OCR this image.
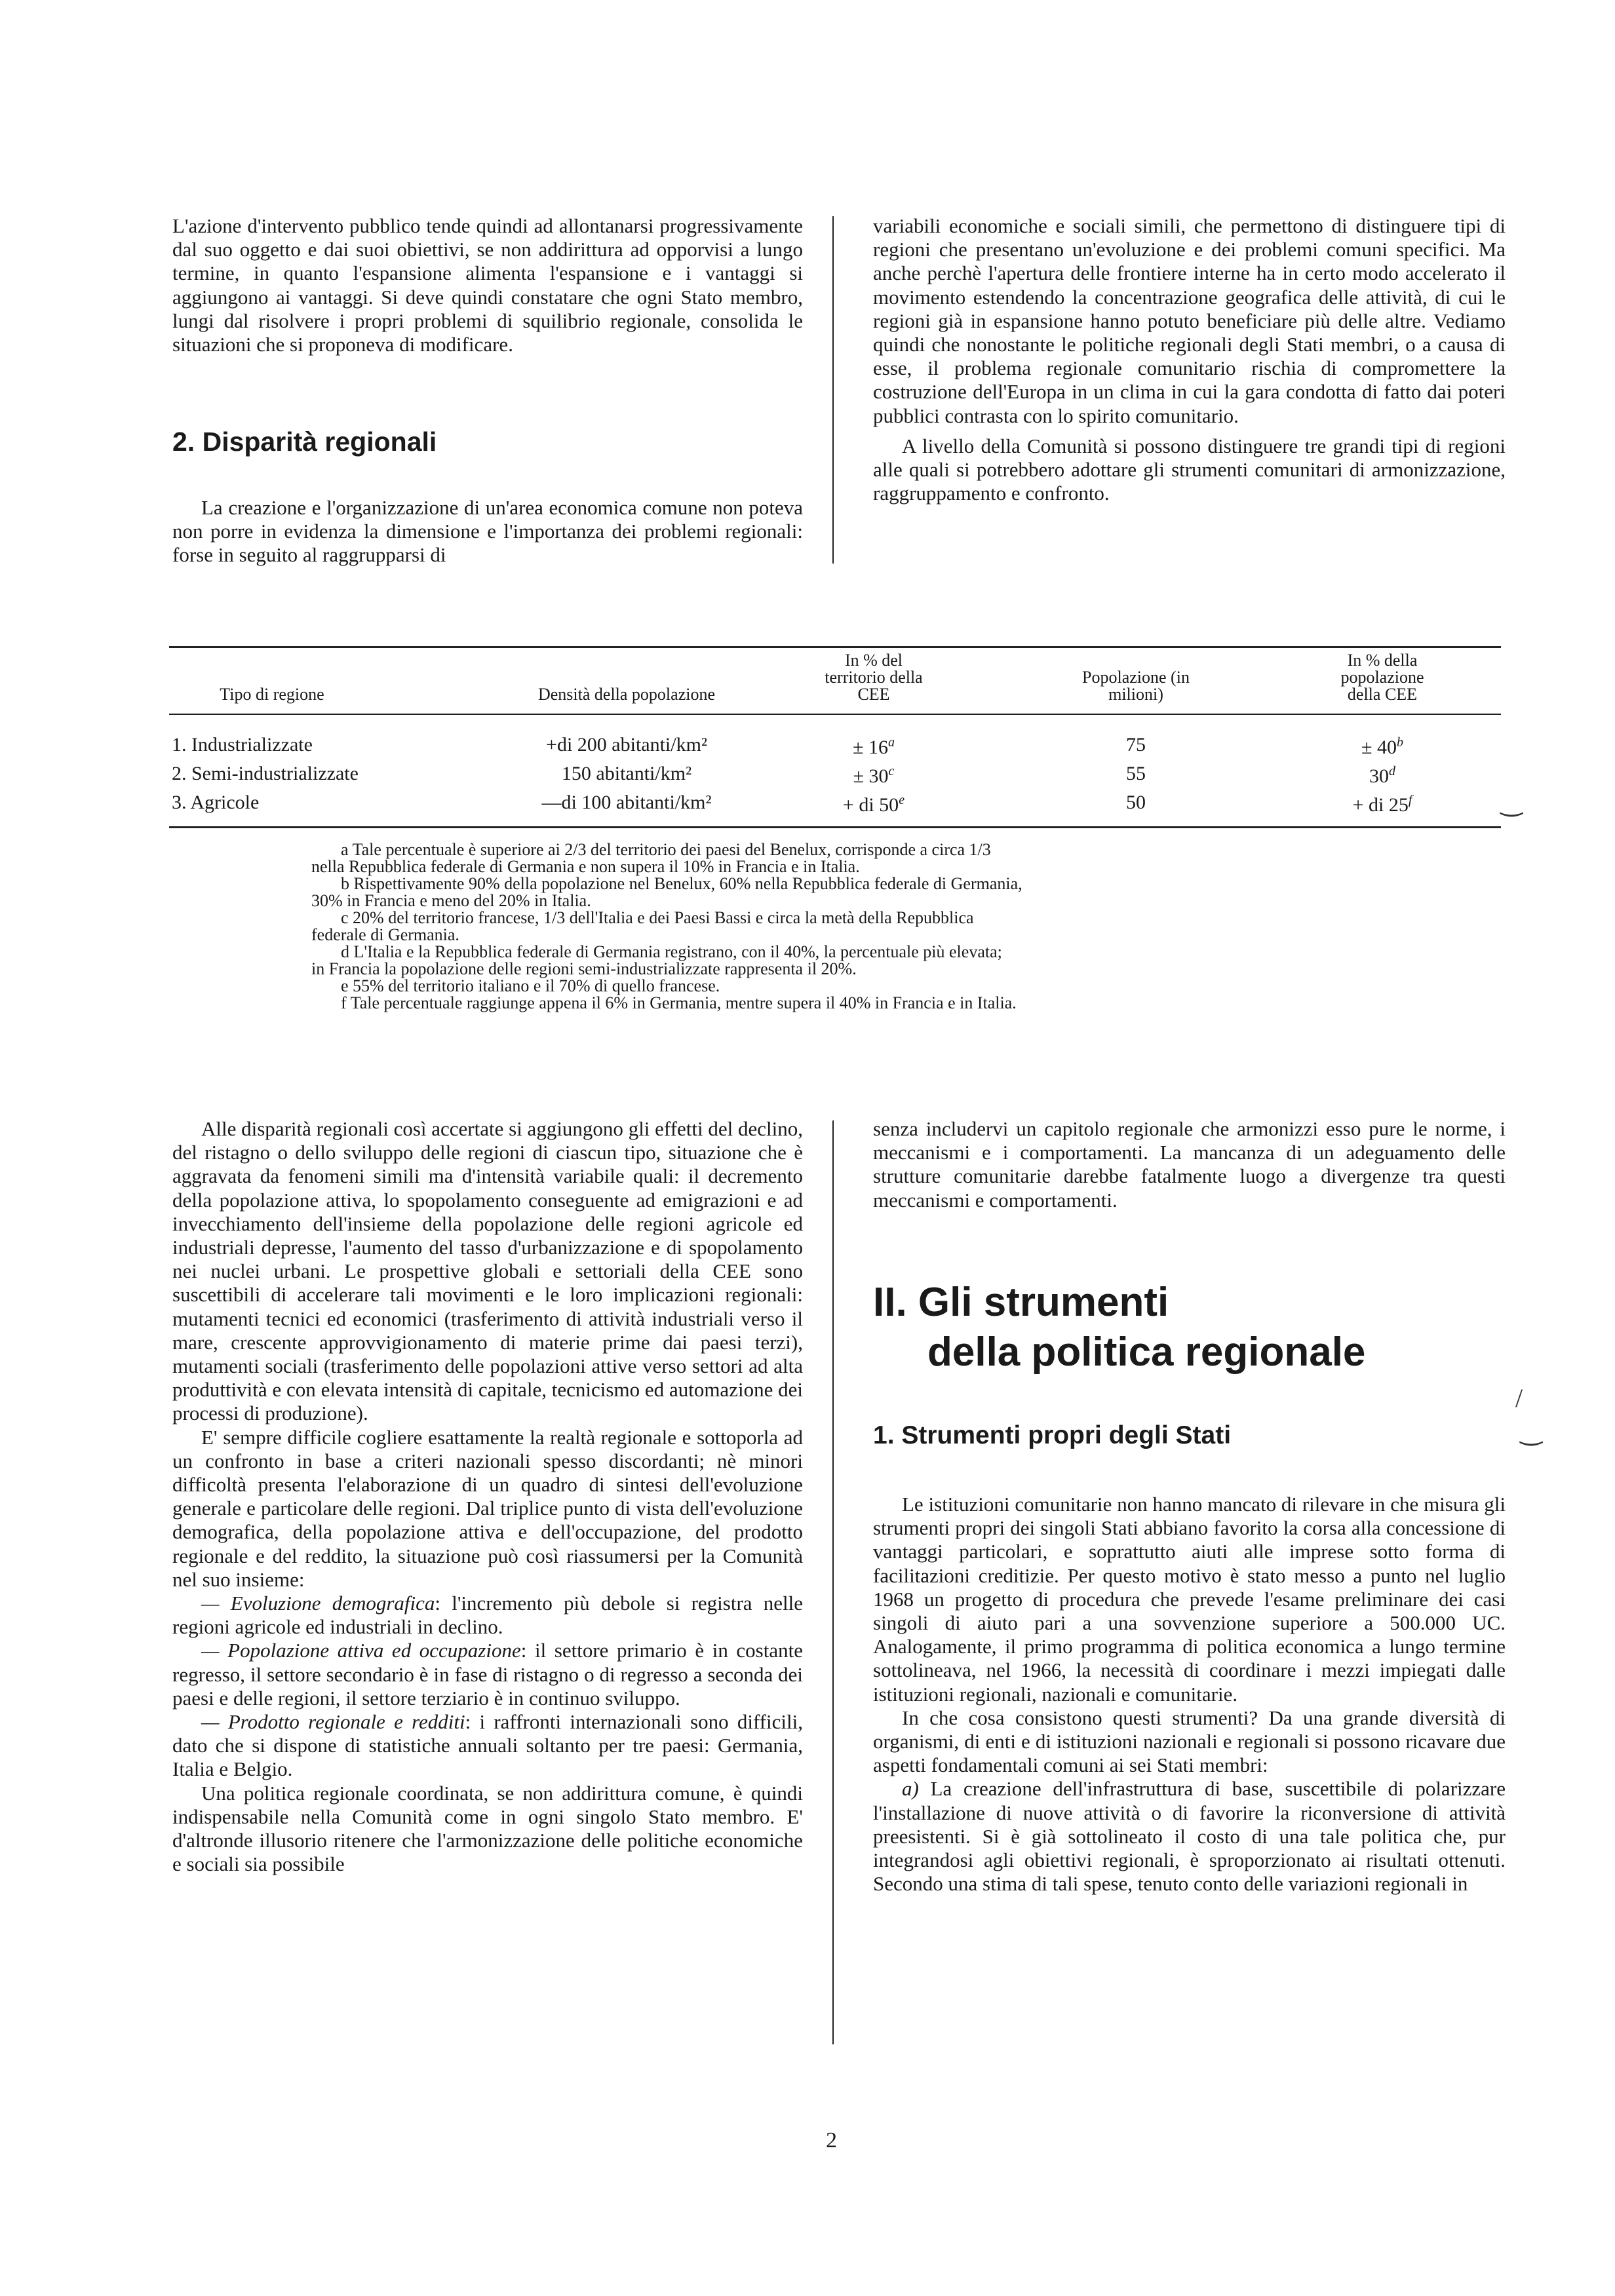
L'azione d'intervento pubblico tende quindi ad allontanarsi progressivamente dal suo oggetto e dai suoi obiettivi, se non addirittura ad opporvisi a lungo termine, in quanto l'espansione alimenta l'espansione e i vantaggi si aggiungono ai vantaggi. Si deve quindi constatare che ogni Stato membro, lungi dal risolvere i propri problemi di squilibrio regionale, consolida le situazioni che si proponeva di modificare.

2. Disparità regionali

La creazione e l'organizzazione di un'area economica comune non poteva non porre in evidenza la dimensione e l'importanza dei problemi regionali: forse in seguito al raggrupparsi di

variabili economiche e sociali simili, che permettono di distinguere tipi di regioni che presentano un'evoluzione e dei problemi comuni specifici. Ma anche perchè l'apertura delle frontiere interne ha in certo modo accelerato il movimento estendendo la concentrazione geografica delle attività, di cui le regioni già in espansione hanno potuto beneficiare più delle altre. Vediamo quindi che nonostante le politiche regionali degli Stati membri, o a causa di esse, il problema regionale comunitario rischia di compromettere la costruzione dell'Europa in un clima in cui la gara condotta di fatto dai poteri pubblici contrasta con lo spirito comunitario.

A livello della Comunità si possono distinguere tre grandi tipi di regioni alle quali si potrebbero adottare gli strumenti comunitari di armonizzazione, raggruppamento e confronto.

Tipo di regione	Densità della popolazione	In % del territorio della CEE	Popolazione (in milioni)	In % della popolazione della CEE
1. Industrializzate	+di 200 abitanti/km²	± $16^a$	75	± $40^b$
2. Semi-industrializzate	150 abitanti/km²	± $30^c$	55	30$^d$
3. Agricole	—di 100 abitanti/km²	+ di 50e	50	+ di 25$^f$

a Tale percentuale è superiore ai 2/3 del territorio dei paesi del Benelux, corrisponde a circa 1/3

nella Repubblica federale di Germania e non supera il 10% in Francia e in Italia.

b Rispettivamente 90% della popolazione nel Benelux, 60% nella Repubblica federale di Germania,

30% in Francia e meno del 20% in Italia.

c 20% del territorio francese, 1/3 dell'Italia e dei Paesi Bassi e circa la metà della Repubblica

federale di Germania.

d L'Italia e la Repubblica federale di Germania registrano, con il 40%, la percentuale più elevata;

in Francia la popolazione delle regioni semi-industrializzate rappresenta il 20%.

e 55% del territorio italiano e il 70% di quello francese.

f Tale percentuale raggiunge appena il 6% in Germania, mentre supera il 40% in Francia e in Italia.

Alle disparità regionali così accertate si aggiungono gli effetti del declino, del ristagno o dello sviluppo delle regioni di ciascun tipo, situazione che è aggravata da fenomeni simili ma d'intensità variabile quali: il decremento della popolazione attiva, lo spopolamento conseguente ad emigrazioni e ad invecchiamento dell'insieme della popolazione delle regioni agricole ed industriali depresse, l'aumento del tasso d'urbanizzazione e di spopolamento nei nuclei urbani. Le prospettive globali e settoriali della CEE sono suscettibili di accelerare tali movimenti e le loro implicazioni regionali: mutamenti tecnici ed economici (trasferimento di attività industriali verso il mare, crescente approvvigionamento di materie prime dai paesi terzi), mutamenti sociali (trasferimento delle popolazioni attive verso settori ad alta produttività e con elevata intensità di capitale, tecnicismo ed automazione dei processi di produzione).

E' sempre difficile cogliere esattamente la realtà regionale e sottoporla ad un confronto in base a criteri nazionali spesso discordanti; nè minori difficoltà presenta l'elaborazione di un quadro di sintesi dell'evoluzione generale e particolare delle regioni. Dal triplice punto di vista dell'evoluzione demografica, della popolazione attiva e dell'occupazione, del prodotto regionale e del reddito, la situazione può così riassumersi per la Comunità nel suo insieme:

— Evoluzione demografica: l'incremento più debole si registra nelle regioni agricole ed industriali in declino.

— Popolazione attiva ed occupazione: il settore primario è in costante regresso, il settore secondario è in fase di ristagno o di regresso a seconda dei paesi e delle regioni, il settore terziario è in continuo sviluppo.

— Prodotto regionale e redditi: i raffronti internazionali sono difficili, dato che si dispone di statistiche annuali soltanto per tre paesi: Germania, Italia e Belgio.

Una politica regionale coordinata, se non addirittura comune, è quindi indispensabile nella Comunità come in ogni singolo Stato membro. E' d'altronde illusorio ritenere che l'armonizzazione delle politiche economiche e sociali sia possibile

senza includervi un capitolo regionale che armonizzi esso pure le norme, i meccanismi e i comportamenti. La mancanza di un adeguamento delle strutture comunitarie darebbe fatalmente luogo a divergenze tra questi meccanismi e comportamenti.

II. Gli strumenti
della politica regionale
1. Strumenti propri degli Stati

Le istituzioni comunitarie non hanno mancato di rilevare in che misura gli strumenti propri dei singoli Stati abbiano favorito la corsa alla concessione di vantaggi particolari, e soprattutto aiuti alle imprese sotto forma di facilitazioni creditizie. Per questo motivo è stato messo a punto nel luglio 1968 un progetto di procedura che prevede l'esame preliminare dei casi singoli di aiuto pari a una sovvenzione superiore a 500.000 UC. Analogamente, il primo programma di politica economica a lungo termine sottolineava, nel 1966, la necessità di coordinare i mezzi impiegati dalle istituzioni regionali, nazionali e comunitarie.

In che cosa consistono questi strumenti? Da una grande diversità di organismi, di enti e di istituzioni nazionali e regionali si possono ricavare due aspetti fondamentali comuni ai sei Stati membri:

a) La creazione dell'infrastruttura di base, suscettibile di polarizzare l'installazione di nuove attività o di favorire la riconversione di attività preesistenti. Si è già sottolineato il costo di una tale politica che, pur integrandosi agli obiettivi regionali, è sproporzionato ai risultati ottenuti. Secondo una stima di tali spese, tenuto conto delle variazioni regionali in

2
‿
/
‿
